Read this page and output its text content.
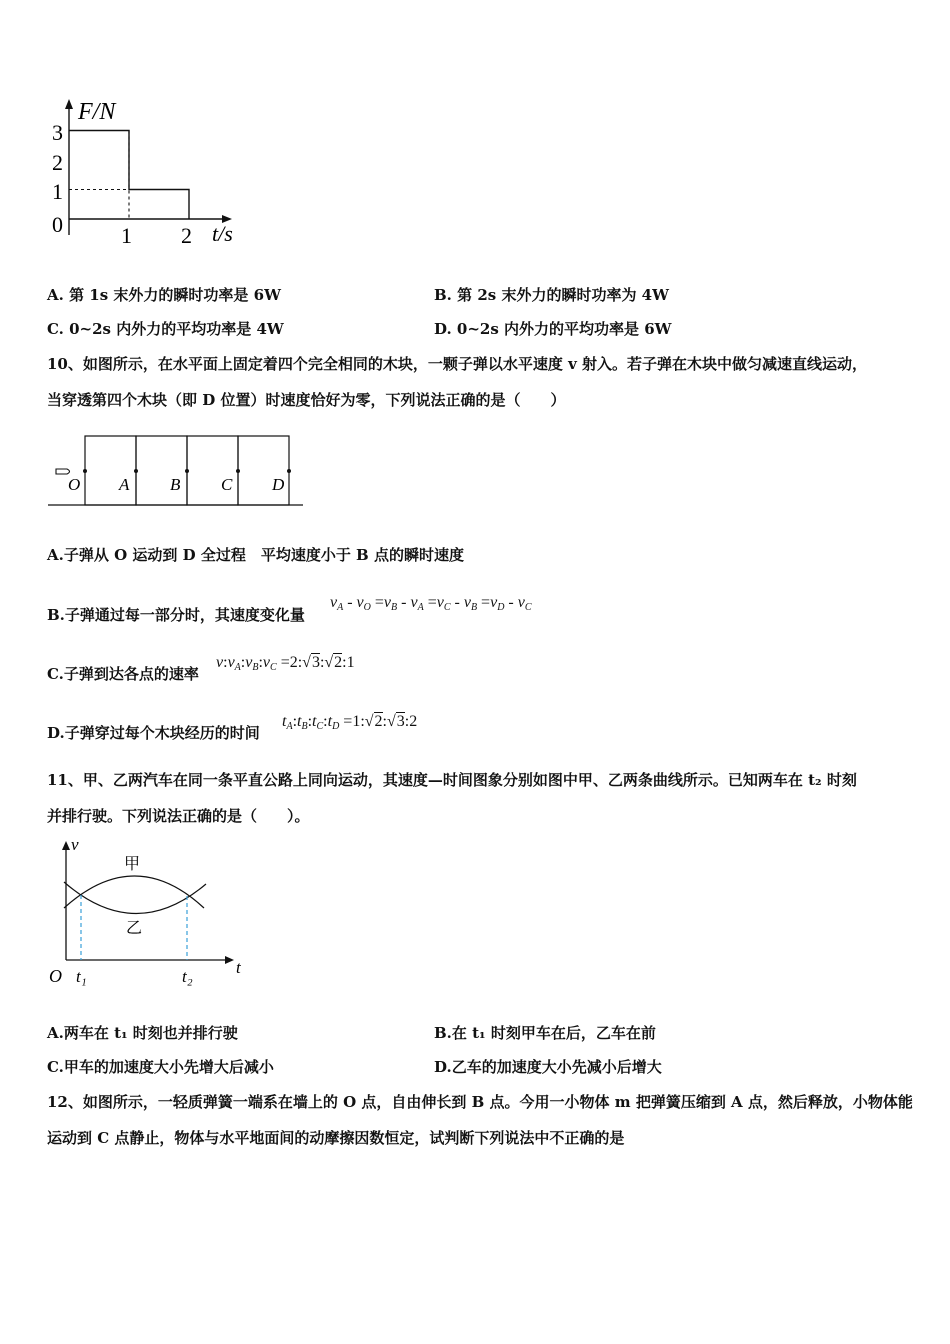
F/N
t/s
0
3
2
1
1 2
A. 第 1s 末外力的瞬时功率是 6W	B. 第 2s 末外力的瞬时功率为 4W
C. 0~2s 内外力的平均功率是 4W	D. 0~2s 内外力的平均功率是 6W
10、如图所示，在水平面上固定着四个完全相同的木块，一颗子弹以水平速度 v 射入。若子弹在木块中做匀减速直线运动，
当穿透第四个木块（即 D 位置）时速度恰好为零，下列说法正确的是（　　）
O A B C D
A.子弹从 O 运动到 D 全过程　平均速度小于 B 点的瞬时速度
B.子弹通过每一部分时，其速度变化量
$v_A - v_O =v_B - v_A =v_C - v_B =v_D - v_C$
C.子弹到达各点的速率
$v:v_A:v_B:v_C$ =2:√3:√2:1
D.子弹穿过每个木块经历的时间
$t_A:t_B:t_C:t_D$ =1:√2:√3:2
11、甲、乙两汽车在同一条平直公路上同向运动，其速度—时间图象分别如图中甲、乙两条曲线所示。已知两车在 t₂ 时刻
并排行驶。下列说法正确的是（　　）。
v
t
O
甲
乙
t₁	t₂
A.两车在 t₁ 时刻也并排行驶	B.在 t₁ 时刻甲车在后，乙车在前
C.甲车的加速度大小先增大后减小	D.乙车的加速度大小先减小后增大
12、如图所示，一轻质弹簧一端系在墙上的 O 点，自由伸长到 B 点。今用一小物体 m 把弹簧压缩到 A 点，然后释放，小物体能
运动到 C 点静止，物体与水平地面间的动摩擦因数恒定，试判断下列说法中不正确的是
